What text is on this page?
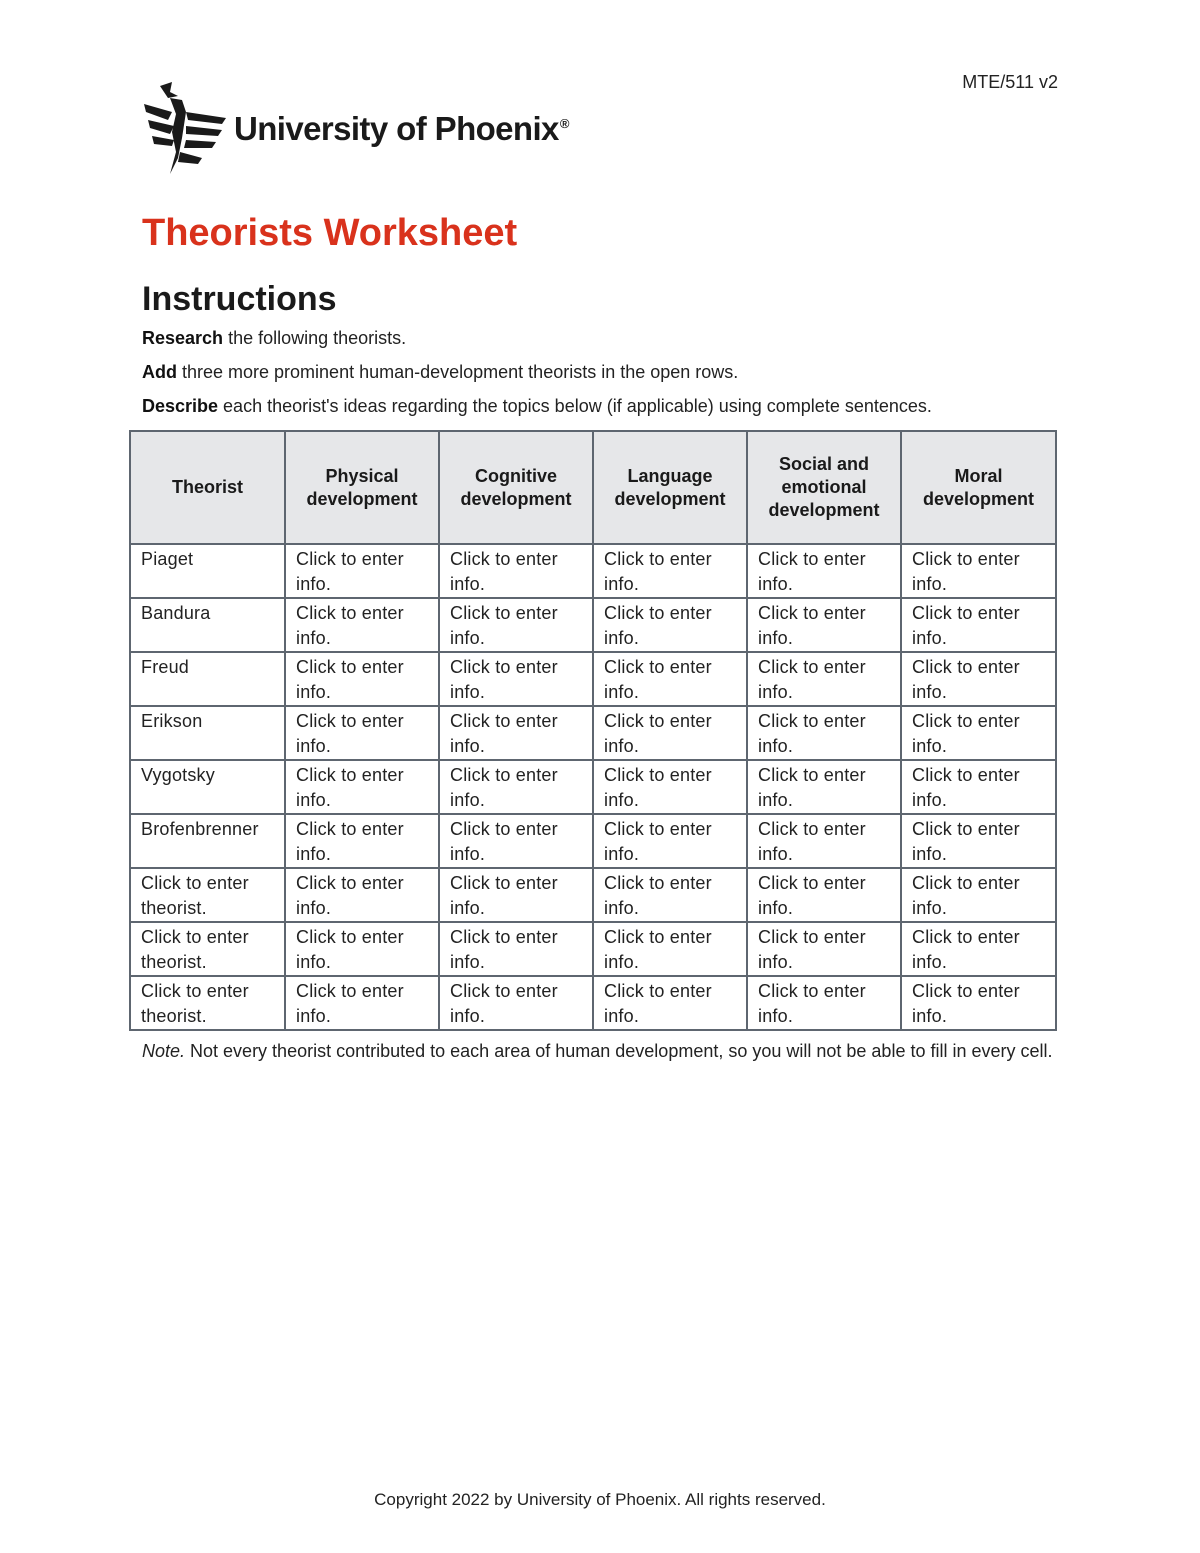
MTE/511 v2
University of Phoenix®
Theorists Worksheet
Instructions

Research the following theorists.

Add three more prominent human-development theorists in the open rows.

Describe each theorist's ideas regarding the topics below (if applicable) using complete sentences.

Theorist	Physical development	Cognitive development	Language development	Social and emotional development	Moral development
Piaget	Click to enter info.	Click to enter info.	Click to enter info.	Click to enter info.	Click to enter info.
Bandura	Click to enter info.	Click to enter info.	Click to enter info.	Click to enter info.	Click to enter info.
Freud	Click to enter info.	Click to enter info.	Click to enter info.	Click to enter info.	Click to enter info.
Erikson	Click to enter info.	Click to enter info.	Click to enter info.	Click to enter info.	Click to enter info.
Vygotsky	Click to enter info.	Click to enter info.	Click to enter info.	Click to enter info.	Click to enter info.
Brofenbrenner	Click to enter info.	Click to enter info.	Click to enter info.	Click to enter info.	Click to enter info.
Click to enter theorist.	Click to enter info.	Click to enter info.	Click to enter info.	Click to enter info.	Click to enter info.
Click to enter theorist.	Click to enter info.	Click to enter info.	Click to enter info.	Click to enter info.	Click to enter info.
Click to enter theorist.	Click to enter info.	Click to enter info.	Click to enter info.	Click to enter info.	Click to enter info.

Note. Not every theorist contributed to each area of human development, so you will not be able to fill in every cell.

Copyright 2022 by University of Phoenix. All rights reserved.
